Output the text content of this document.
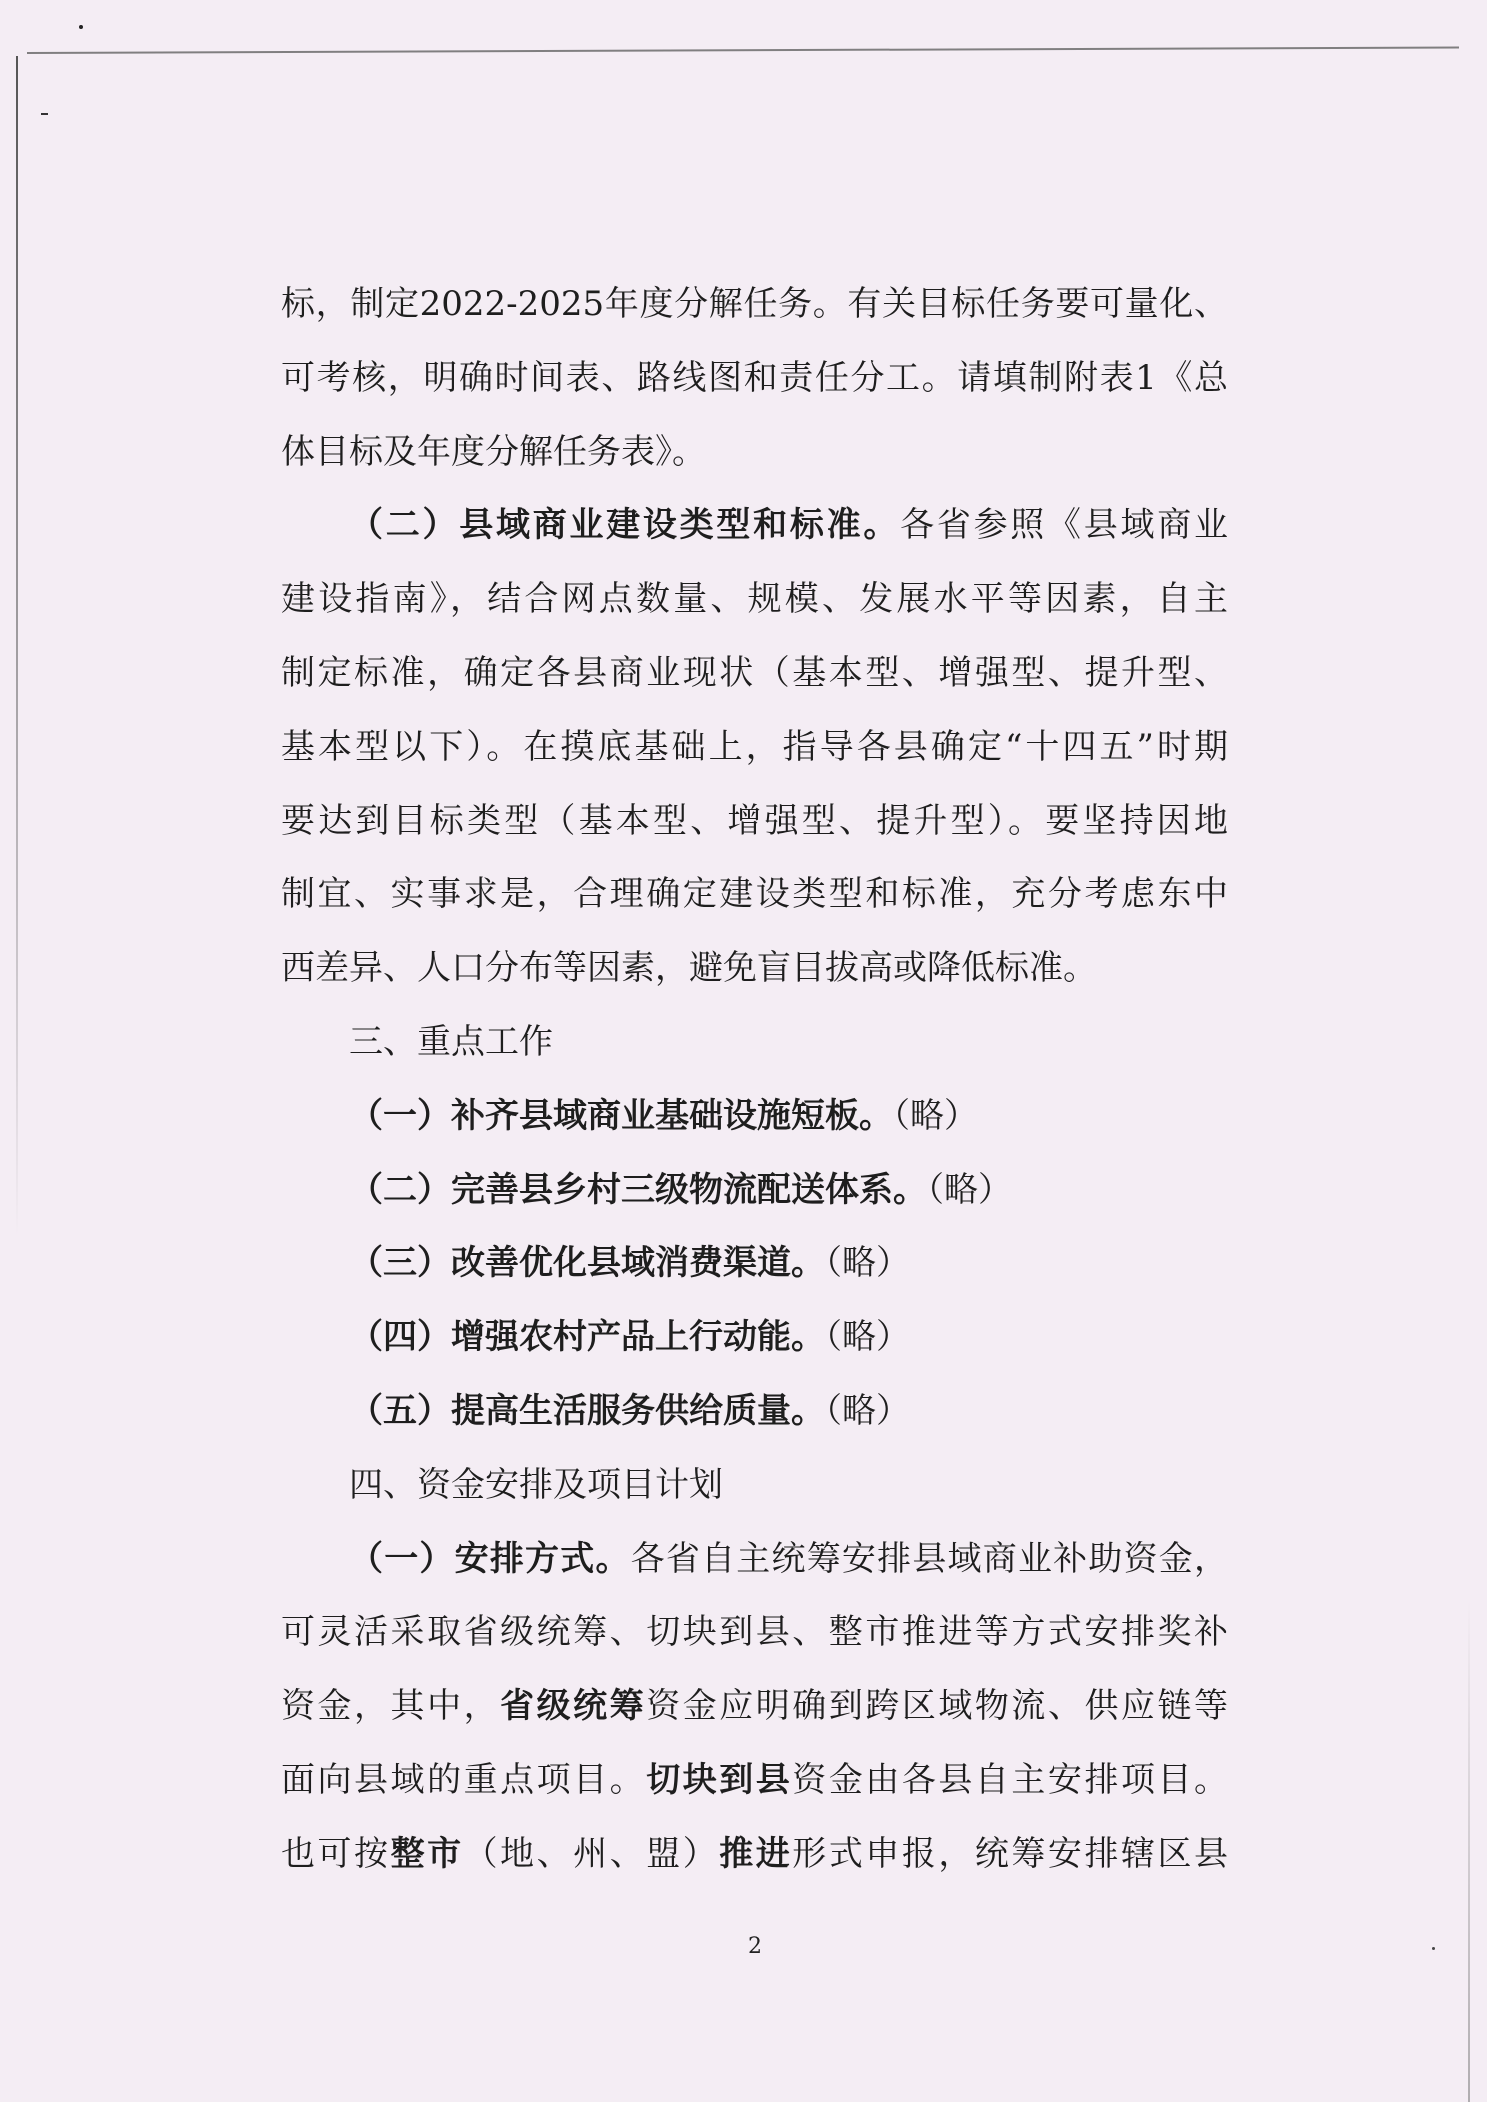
标，制定2022-2025年度分解任务。有关目标任务要可量化、
可考核，明确时间表、路线图和责任分工。请填制附表1《总
体目标及年度分解任务表》。
（二）县域商业建设类型和标准。各省参照《县域商业
建设指南》，结合网点数量、规模、发展水平等因素，自主
制定标准，确定各县商业现状（基本型、增强型、提升型、
基本型以下）。在摸底基础上，指导各县确定“十四五”时期
要达到目标类型（基本型、增强型、提升型）。要坚持因地
制宜、实事求是，合理确定建设类型和标准，充分考虑东中
西差异、人口分布等因素，避免盲目拔高或降低标准。
三、重点工作
（一）补齐县域商业基础设施短板。（略）
（二）完善县乡村三级物流配送体系。（略）
（三）改善优化县域消费渠道。（略）
（四）增强农村产品上行动能。（略）
（五）提高生活服务供给质量。（略）
四、资金安排及项目计划
（一）安排方式。各省自主统筹安排县域商业补助资金，
可灵活采取省级统筹、切块到县、整市推进等方式安排奖补
资金，其中，省级统筹资金应明确到跨区域物流、供应链等
面向县域的重点项目。切块到县资金由各县自主安排项目。
也可按整市（地、州、盟）推进形式申报，统筹安排辖区县
2
